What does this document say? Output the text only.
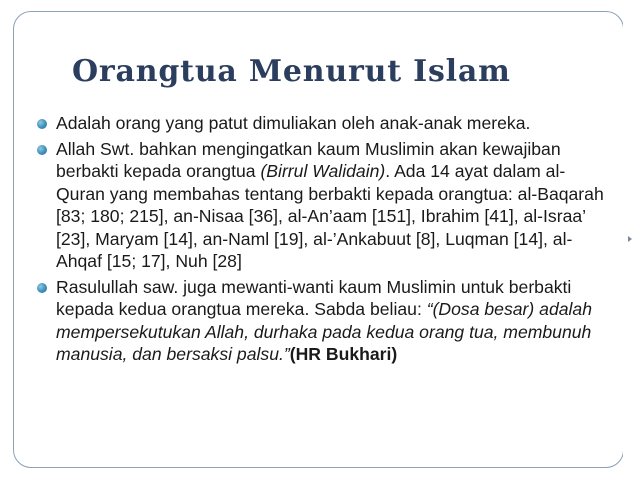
Orangtua Menurut Islam
Adalah orang yang patut dimuliakan oleh anak-anak mereka.
Allah Swt. bahkan mengingatkan kaum Muslimin akan kewajiban berbakti kepada orangtua (Birrul Walidain). Ada 14 ayat dalam al-Quran yang membahas tentang berbakti kepada orangtua: al-Baqarah [83; 180; 215], an-Nisaa [36], al-An’aam [151], Ibrahim [41], al-Israa’ [23], Maryam [14], an-Naml [19], al-’Ankabuut [8], Luqman [14], al-Ahqaf [15; 17], Nuh [28]
Rasulullah saw. juga mewanti-wanti kaum Muslimin untuk berbakti kepada kedua orangtua mereka. Sabda beliau: “(Dosa besar) adalah mempersekutukan Allah, durhaka pada kedua orang tua, membunuh manusia, dan bersaksi palsu.”(HR Bukhari)
